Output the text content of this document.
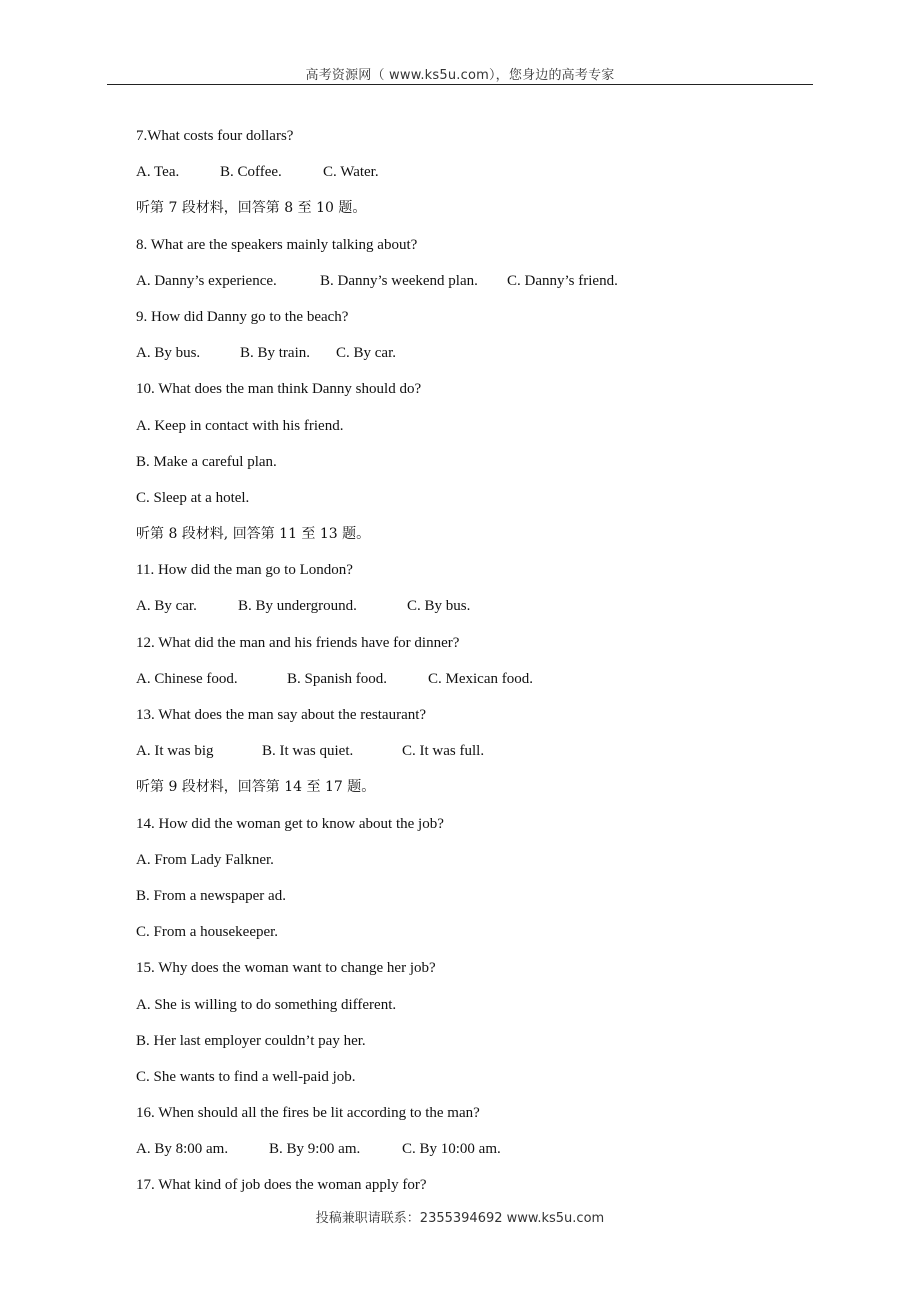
高考资源网（ www.ks5u.com），您身边的高考专家
7.What costs four dollars?
A. Tea.	B. Coffee.	C. Water.
听第 7 段材料，回答第 8 至 10 题。
8. What are the speakers mainly talking about?
A. Danny’s experience.	B. Danny’s weekend plan. C. Danny’s friend.
9. How did Danny go to the beach?
A. By bus.	B. By train. C. By car.
10. What does the man think Danny should do?
A. Keep in contact with his friend.
B. Make a careful plan.
C. Sleep at a hotel.
听第 8 段材料, 回答第 11 至 13 题。
11. How did the man go to London?
A. By car.	B. By underground.	C. By bus.
12. What did the man and his friends have for dinner?
A. Chinese food.	B. Spanish food.	C. Mexican food.
13. What does the man say about the restaurant?
A. It was big	B. It was quiet.	C. It was full.
听第 9 段材料，回答第 14 至 17 题。
14. How did the woman get to know about the job?
A. From Lady Falkner.
B. From a newspaper ad.
C. From a housekeeper.
15. Why does the woman want to change her job?
A. She is willing to do something different.
B. Her last employer couldn’t pay her.
C. She wants to find a well-paid job.
16. When should all the fires be lit according to the man?
A. By 8:00 am.	B. By 9:00 am.	C. By 10:00 am.
17. What kind of job does the woman apply for?
投稿兼职请联系：2355394692 www.ks5u.com
